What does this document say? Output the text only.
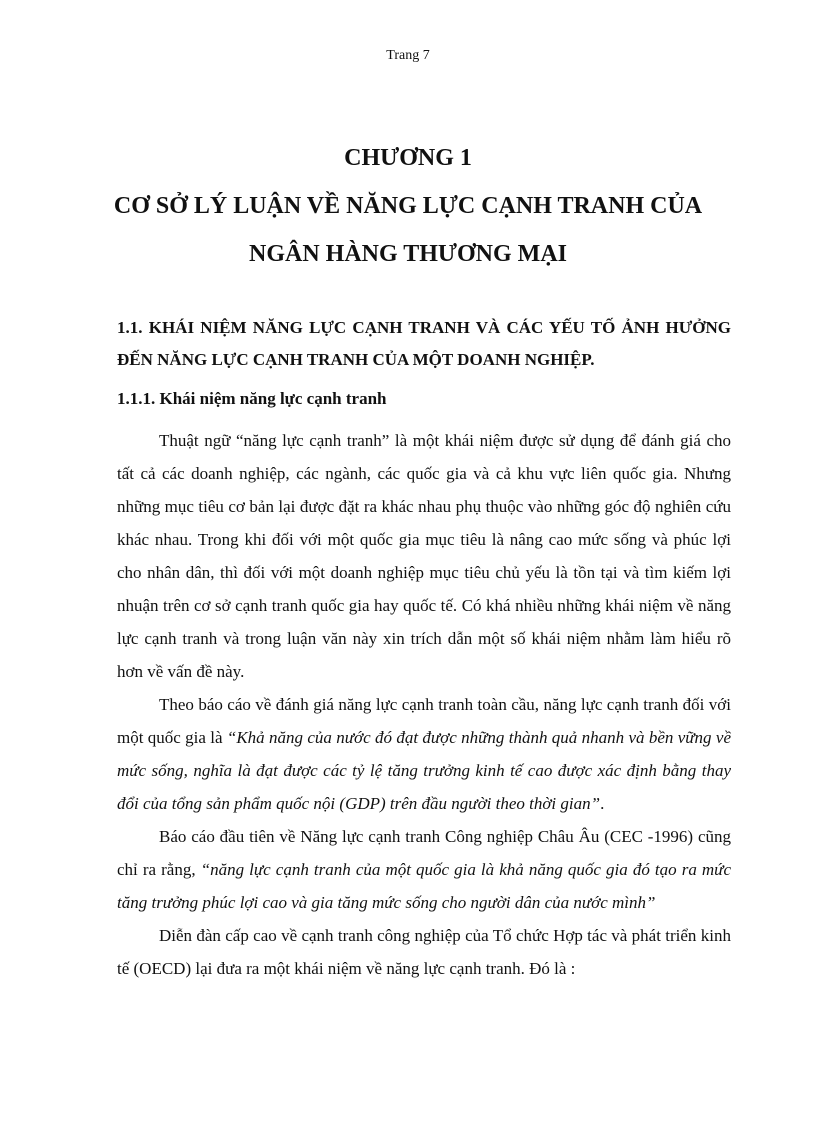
Trang 7
CHƯƠNG 1
CƠ SỞ LÝ LUẬN VỀ NĂNG LỰC CẠNH TRANH CỦA
NGÂN HÀNG THƯƠNG MẠI
1.1. KHÁI NIỆM NĂNG LỰC CẠNH TRANH VÀ CÁC YẾU TỐ ẢNH HƯỞNG ĐẾN NĂNG LỰC CẠNH TRANH CỦA MỘT DOANH NGHIỆP.
1.1.1. Khái niệm năng lực cạnh tranh

Thuật ngữ “năng lực cạnh tranh” là một khái niệm được sử dụng để đánh giá cho tất cả các doanh nghiệp, các ngành, các quốc gia và cả khu vực liên quốc gia. Nhưng những mục tiêu cơ bản lại được đặt ra khác nhau phụ thuộc vào những góc độ nghiên cứu khác nhau. Trong khi đối với một quốc gia mục tiêu là nâng cao mức sống và phúc lợi cho nhân dân, thì đối với một doanh nghiệp mục tiêu chủ yếu là tồn tại và tìm kiếm lợi nhuận trên cơ sở cạnh tranh quốc gia hay quốc tế. Có khá nhiều những khái niệm về năng lực cạnh tranh và trong luận văn này xin trích dẫn một số khái niệm nhằm làm hiểu rõ hơn về vấn đề này.

Theo báo cáo về đánh giá năng lực cạnh tranh toàn cầu, năng lực cạnh tranh đối với một quốc gia là “Khả năng của nước đó đạt được những thành quả nhanh và bền vững về mức sống, nghĩa là đạt được các tỷ lệ tăng trưởng kinh tế cao được xác định bằng thay đổi của tổng sản phẩm quốc nội (GDP) trên đầu người theo thời gian”.

Báo cáo đầu tiên về Năng lực cạnh tranh Công nghiệp Châu Âu (CEC -1996) cũng chỉ ra rằng, “năng lực cạnh tranh của một quốc gia là khả năng quốc gia đó tạo ra mức tăng trưởng phúc lợi cao và gia tăng mức sống cho người dân của nước mình”

Diễn đàn cấp cao về cạnh tranh công nghiệp của Tổ chức Hợp tác và phát triển kinh tế (OECD) lại đưa ra một khái niệm về năng lực cạnh tranh. Đó là :
